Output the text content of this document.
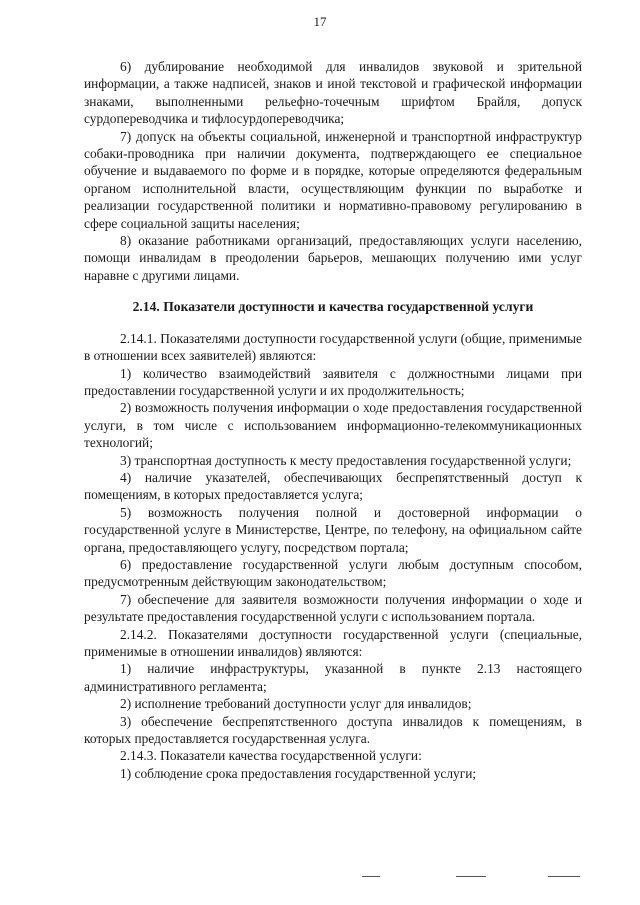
17

6) дублирование необходимой для инвалидов звуковой и зрительной информации, а также надписей, знаков и иной текстовой и графической информации знаками, выполненными рельефно-точечным шрифтом Брайля, допуск сурдопереводчика и тифлосурдопереводчика;

7) допуск на объекты социальной, инженерной и транспортной инфраструктур собаки-проводника при наличии документа, подтверждающего ее специальное обучение и выдаваемого по форме и в порядке, которые определяются федеральным органом исполнительной власти, осуществляющим функции по выработке и реализации государственной политики и нормативно-правовому регулированию в сфере социальной защиты населения;

8) оказание работниками организаций, предоставляющих услуги населению, помощи инвалидам в преодолении барьеров, мешающих получению ими услуг наравне с другими лицами.

2.14. Показатели доступности и качества государственной услуги

2.14.1. Показателями доступности государственной услуги (общие, применимые в отношении всех заявителей) являются:

1) количество взаимодействий заявителя с должностными лицами при предоставлении государственной услуги и их продолжительность;

2) возможность получения информации о ходе предоставления государственной услуги, в том числе с использованием информационно-телекоммуникационных технологий;

3) транспортная доступность к месту предоставления государственной услуги;

4) наличие указателей, обеспечивающих беспрепятственный доступ к помещениям, в которых предоставляется услуга;

5) возможность получения полной и достоверной информации о государственной услуге в Министерстве, Центре, по телефону, на официальном сайте органа, предоставляющего услугу, посредством портала;

6) предоставление государственной услуги любым доступным способом, предусмотренным действующим законодательством;

7) обеспечение для заявителя возможности получения информации о ходе и результате предоставления государственной услуги с использованием портала.

2.14.2. Показателями доступности государственной услуги (специальные, применимые в отношении инвалидов) являются:

1) наличие инфраструктуры, указанной в пункте 2.13 настоящего административного регламента;

2) исполнение требований доступности услуг для инвалидов;

3) обеспечение беспрепятственного доступа инвалидов к помещениям, в которых предоставляется государственная услуга.

2.14.3. Показатели качества государственной услуги:

1) соблюдение срока предоставления государственной услуги;
